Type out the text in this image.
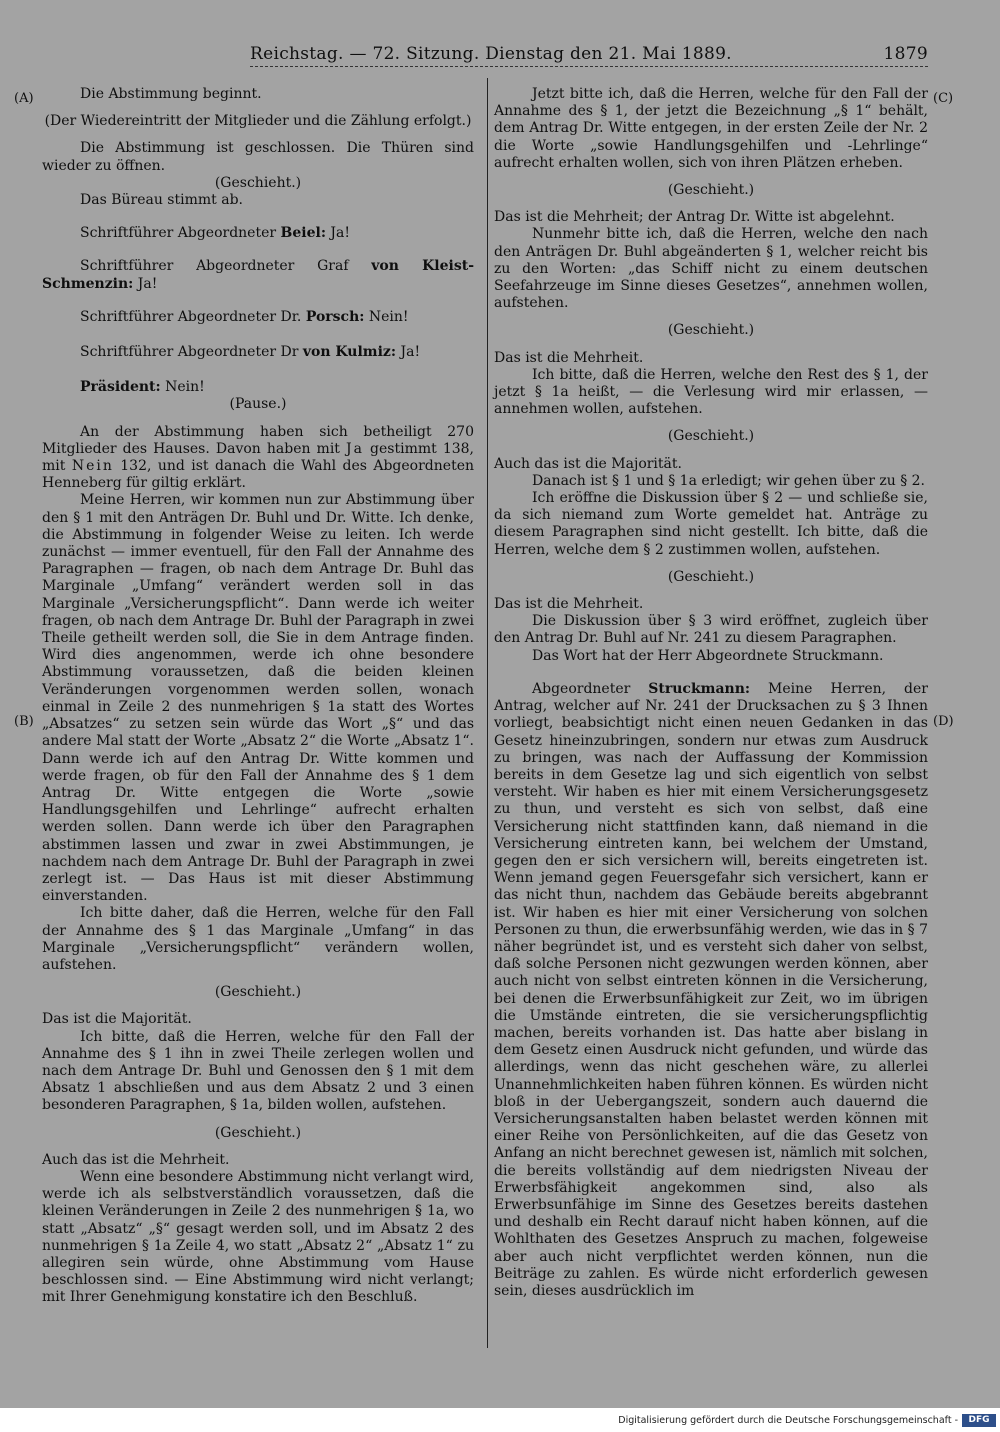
Reichstag. — 72. Sitzung. Dienstag den 21. Mai 1889.	1879
(A)
(B)
(C)
(D)

Die Abstimmung beginnt.

(Der Wiedereintritt der Mitglieder und die Zählung erfolgt.)

Die Abstimmung ist geschlossen. Die Thüren sind wieder zu öffnen.

(Geschieht.)

Das Büreau stimmt ab.

Schriftführer Abgeordneter Beiel: Ja!

Schriftführer Abgeordneter Graf von Kleist-Schmenzin: Ja!

Schriftführer Abgeordneter Dr. Porsch: Nein!

Schriftführer Abgeordneter Dr von Kulmiz: Ja!

Präsident: Nein!

(Pause.)

An der Abstimmung haben sich betheiligt 270 Mitglieder des Hauses. Davon haben mit Ja gestimmt 138, mit Nein 132, und ist danach die Wahl des Abgeordneten Henneberg für giltig erklärt.

Meine Herren, wir kommen nun zur Abstimmung über den § 1 mit den Anträgen Dr. Buhl und Dr. Witte. Ich denke, die Abstimmung in folgender Weise zu leiten. Ich werde zunächst — immer eventuell, für den Fall der Annahme des Paragraphen — fragen, ob nach dem Antrage Dr. Buhl das Marginale „Umfang“ verändert werden soll in das Marginale „Versicherungspflicht“. Dann werde ich weiter fragen, ob nach dem Antrage Dr. Buhl der Paragraph in zwei Theile getheilt werden soll, die Sie in dem Antrage finden. Wird dies angenommen, werde ich ohne besondere Abstimmung voraussetzen, daß die beiden kleinen Veränderungen vorgenommen werden sollen, wonach einmal in Zeile 2 des nunmehrigen § 1a statt des Wortes „Absatzes“ zu setzen sein würde das Wort „§“ und das andere Mal statt der Worte „Absatz 2“ die Worte „Absatz 1“. Dann werde ich auf den Antrag Dr. Witte kommen und werde fragen, ob für den Fall der Annahme des § 1 dem Antrag Dr. Witte entgegen die Worte „sowie Handlungsgehilfen und Lehrlinge“ aufrecht erhalten werden sollen. Dann werde ich über den Paragraphen abstimmen lassen und zwar in zwei Abstimmungen, je nachdem nach dem Antrage Dr. Buhl der Paragraph in zwei zerlegt ist. — Das Haus ist mit dieser Abstimmung einverstanden.

Ich bitte daher, daß die Herren, welche für den Fall der Annahme des § 1 das Marginale „Umfang“ in das Marginale „Versicherungspflicht“ verändern wollen, aufstehen.

(Geschieht.)

Das ist die Majorität.

Ich bitte, daß die Herren, welche für den Fall der Annahme des § 1 ihn in zwei Theile zerlegen wollen und nach dem Antrage Dr. Buhl und Genossen den § 1 mit dem Absatz 1 abschließen und aus dem Absatz 2 und 3 einen besonderen Paragraphen, § 1a, bilden wollen, aufstehen.

(Geschieht.)

Auch das ist die Mehrheit.

Wenn eine besondere Abstimmung nicht verlangt wird, werde ich als selbstverständlich voraussetzen, daß die kleinen Veränderungen in Zeile 2 des nunmehrigen § 1a, wo statt „Absatz“ „§“ gesagt werden soll, und im Absatz 2 des nunmehrigen § 1a Zeile 4, wo statt „Absatz 2“ „Absatz 1“ zu allegiren sein würde, ohne Abstimmung vom Hause beschlossen sind. — Eine Abstimmung wird nicht verlangt; mit Ihrer Genehmigung konstatire ich den Beschluß.

Jetzt bitte ich, daß die Herren, welche für den Fall der Annahme des § 1, der jetzt die Bezeichnung „§ 1“ behält, dem Antrag Dr. Witte entgegen, in der ersten Zeile der Nr. 2 die Worte „sowie Handlungsgehilfen und -Lehrlinge“ aufrecht erhalten wollen, sich von ihren Plätzen erheben.

(Geschieht.)

Das ist die Mehrheit; der Antrag Dr. Witte ist abgelehnt.

Nunmehr bitte ich, daß die Herren, welche den nach den Anträgen Dr. Buhl abgeänderten § 1, welcher reicht bis zu den Worten: „das Schiff nicht zu einem deutschen Seefahrzeuge im Sinne dieses Gesetzes“, annehmen wollen, aufstehen.

(Geschieht.)

Das ist die Mehrheit.

Ich bitte, daß die Herren, welche den Rest des § 1, der jetzt § 1a heißt, — die Verlesung wird mir erlassen, — annehmen wollen, aufstehen.

(Geschieht.)

Auch das ist die Majorität.

Danach ist § 1 und § 1a erledigt; wir gehen über zu § 2.

Ich eröffne die Diskussion über § 2 — und schließe sie, da sich niemand zum Worte gemeldet hat. Anträge zu diesem Paragraphen sind nicht gestellt. Ich bitte, daß die Herren, welche dem § 2 zustimmen wollen, aufstehen.

(Geschieht.)

Das ist die Mehrheit.

Die Diskussion über § 3 wird eröffnet, zugleich über den Antrag Dr. Buhl auf Nr. 241 zu diesem Paragraphen.

Das Wort hat der Herr Abgeordnete Struckmann.

Abgeordneter Struckmann: Meine Herren, der Antrag, welcher auf Nr. 241 der Drucksachen zu § 3 Ihnen vorliegt, beabsichtigt nicht einen neuen Gedanken in das Gesetz hineinzubringen, sondern nur etwas zum Ausdruck zu bringen, was nach der Auffassung der Kommission bereits in dem Gesetze lag und sich eigentlich von selbst versteht. Wir haben es hier mit einem Versicherungsgesetz zu thun, und versteht es sich von selbst, daß eine Versicherung nicht stattfinden kann, daß niemand in die Versicherung eintreten kann, bei welchem der Umstand, gegen den er sich versichern will, bereits eingetreten ist. Wenn jemand gegen Feuersgefahr sich versichert, kann er das nicht thun, nachdem das Gebäude bereits abgebrannt ist. Wir haben es hier mit einer Versicherung von solchen Personen zu thun, die erwerbsunfähig werden, wie das in § 7 näher begründet ist, und es versteht sich daher von selbst, daß solche Personen nicht gezwungen werden können, aber auch nicht von selbst eintreten können in die Versicherung, bei denen die Erwerbsunfähigkeit zur Zeit, wo im übrigen die Umstände eintreten, die sie versicherungspflichtig machen, bereits vorhanden ist. Das hatte aber bislang in dem Gesetz einen Ausdruck nicht gefunden, und würde das allerdings, wenn das nicht geschehen wäre, zu allerlei Unannehmlichkeiten haben führen können. Es würden nicht bloß in der Uebergangszeit, sondern auch dauernd die Versicherungsanstalten haben belastet werden können mit einer Reihe von Persönlichkeiten, auf die das Gesetz von Anfang an nicht berechnet gewesen ist, nämlich mit solchen, die bereits vollständig auf dem niedrigsten Niveau der Erwerbsfähigkeit angekommen sind, also als Erwerbsunfähige im Sinne des Gesetzes bereits dastehen und deshalb ein Recht darauf nicht haben können, auf die Wohlthaten des Gesetzes Anspruch zu machen, folgeweise aber auch nicht verpflichtet werden können, nun die Beiträge zu zahlen. Es würde nicht erforderlich gewesen sein, dieses ausdrücklich im

Digitalisierung gefördert durch die Deutsche Forschungsgemeinschaft -	DFG
